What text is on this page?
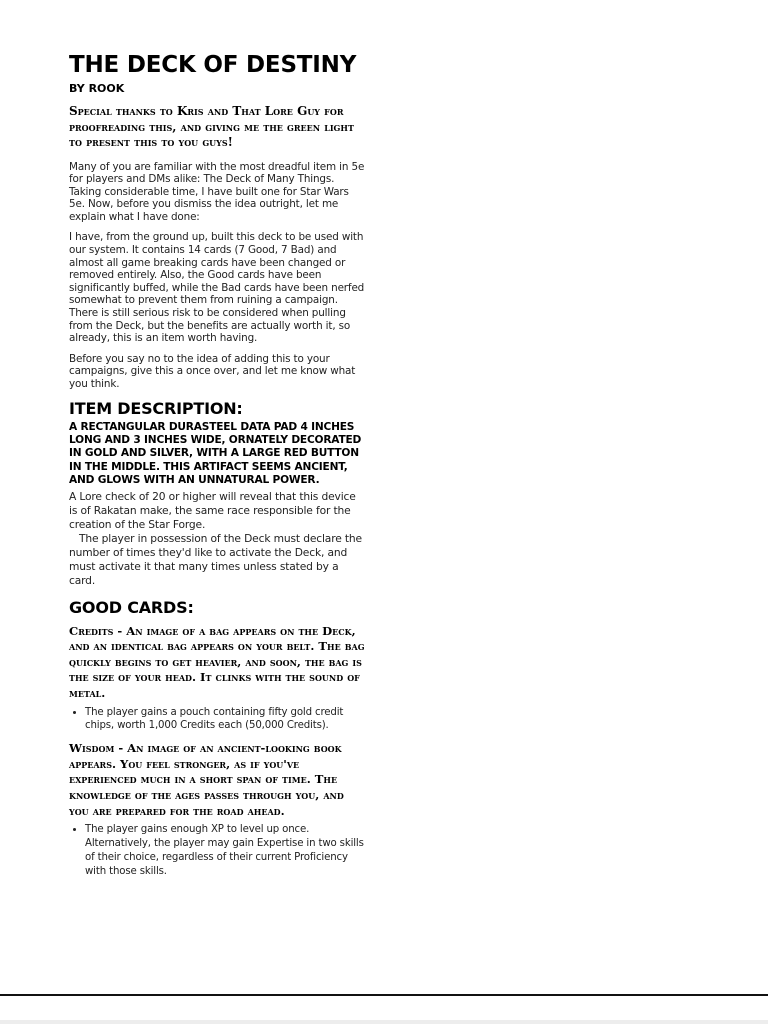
THE DECK OF DESTINY
BY ROOK

Special thanks to Kris and That Lore Guy for proofreading this, and giving me the green light to present this to you guys!

Many of you are familiar with the most dreadful item in 5e for players and DMs alike: The Deck of Many Things. Taking considerable time, I have built one for Star Wars 5e. Now, before you dismiss the idea outright, let me explain what I have done:

I have, from the ground up, built this deck to be used with our system. It contains 14 cards (7 Good, 7 Bad) and almost all game breaking cards have been changed or removed entirely. Also, the Good cards have been significantly buffed, while the Bad cards have been nerfed somewhat to prevent them from ruining a campaign. There is still serious risk to be considered when pulling from the Deck, but the benefits are actually worth it, so already, this is an item worth having.

Before you say no to the idea of adding this to your campaigns, give this a once over, and let me know what you think.

ITEM DESCRIPTION:

A RECTANGULAR DURASTEEL DATA PAD 4 INCHES LONG AND 3 INCHES WIDE, ORNATELY DECORATED IN GOLD AND SILVER, WITH A LARGE RED BUTTON IN THE MIDDLE. THIS ARTIFACT SEEMS ANCIENT, AND GLOWS WITH AN UNNATURAL POWER.

A Lore check of 20 or higher will reveal that this device is of Rakatan make, the same race responsible for the creation of the Star Forge.

The player in possession of the Deck must declare the number of times they'd like to activate the Deck, and must activate it that many times unless stated by a card.

GOOD CARDS:

Credits - An image of a bag appears on the Deck, and an identical bag appears on your belt. The bag quickly begins to get heavier, and soon, the bag is the size of your head. It clinks with the sound of metal.

• The player gains a pouch containing fifty gold credit chips, worth 1,000 Credits each (50,000 Credits).

Wisdom - An image of an ancient-looking book appears. You feel stronger, as if you've experienced much in a short span of time. The knowledge of the ages passes through you, and you are prepared for the road ahead.

• The player gains enough XP to level up once. Alternatively, the player may gain Expertise in two skills of their choice, regardless of their current Proficiency with those skills.
